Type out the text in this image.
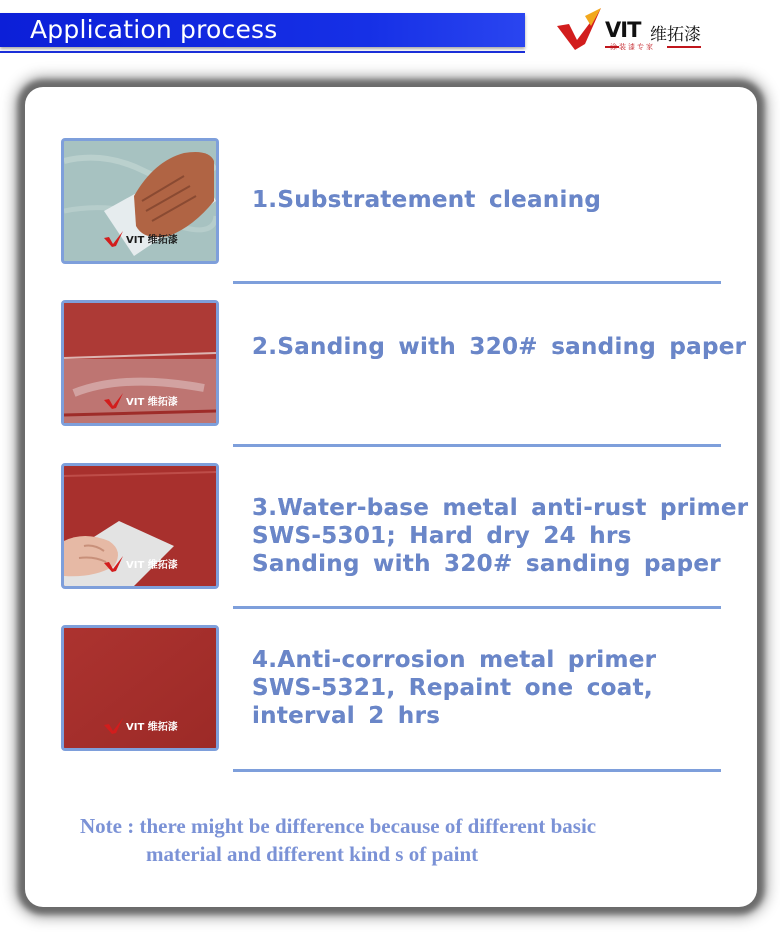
Application process	VIT 维拓漆
涂装漆专家
VIT 维拓漆
1.Substratement cleaning
VIT 维拓漆
2.Sanding with 320# sanding paper
VIT 维拓漆
3.Water-base metal anti-rust primer
SWS-5301; Hard dry 24 hrs
Sanding with 320# sanding paper
VIT 维拓漆
4.Anti-corrosion metal primer
SWS-5321, Repaint one coat,
interval 2 hrs
Note : there might be difference because of different basic
material and different kind s of paint
